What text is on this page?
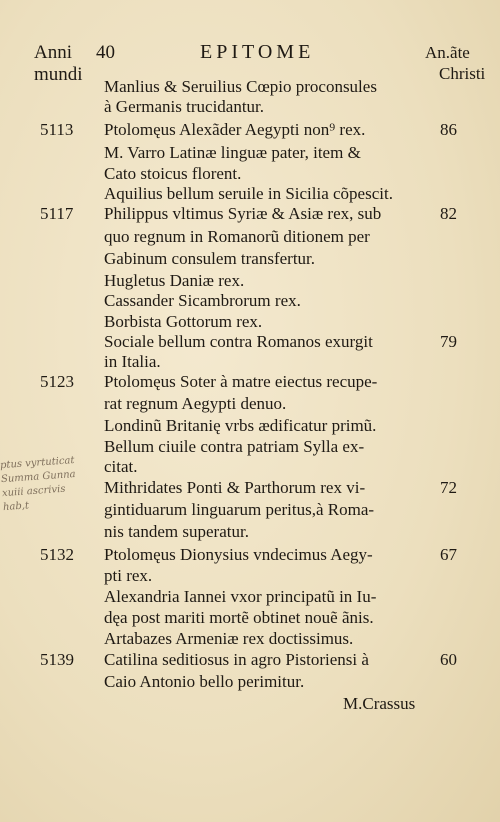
Anni
mundi
40	EPITOME	An.ãte
Christi
5113
5117
5123
5132
5139
86
82
79
72
67
60
Manlius & Seruilius Cœpio proconsules
à Germanis trucidantur.
Ptolomęus Alexãder Aegypti non⁹ rex.
M. Varro Latinæ linguæ pater, item &
Cato stoicus florent.
Aquilius bellum seruile in Sicilia cõpescit.
Philippus vltimus Syriæ & Asiæ rex, sub
quo regnum in Romanorũ ditionem per
Gabinum consulem transfertur.
Hugletus Daniæ rex.
Cassander Sicambrorum rex.
Borbista Gottorum rex.
Sociale bellum contra Romanos exurgit
in Italia.
Ptolomęus Soter à matre eiectus recupe-
rat regnum Aegypti denuo.
Londinũ Britanię vrbs ædificatur primũ.
Bellum ciuile contra patriam Sylla ex-
citat.
Mithridates Ponti & Parthorum rex vi-
gintiduarum linguarum peritus,à Roma-
nis tandem superatur.
Ptolomęus Dionysius vndecimus Aegy-
pti rex.
Alexandria Iannei vxor principatũ in Iu-
dęa post mariti mortẽ obtinet nouẽ ãnis.
Artabazes Armeniæ rex doctissimus.
Catilina seditiosus in agro Pistoriensi à
Caio Antonio bello perimitur.
M.Crassus
ptus vyrtuticat
Summa Gunna
xuiii ascrivis
hab,t
